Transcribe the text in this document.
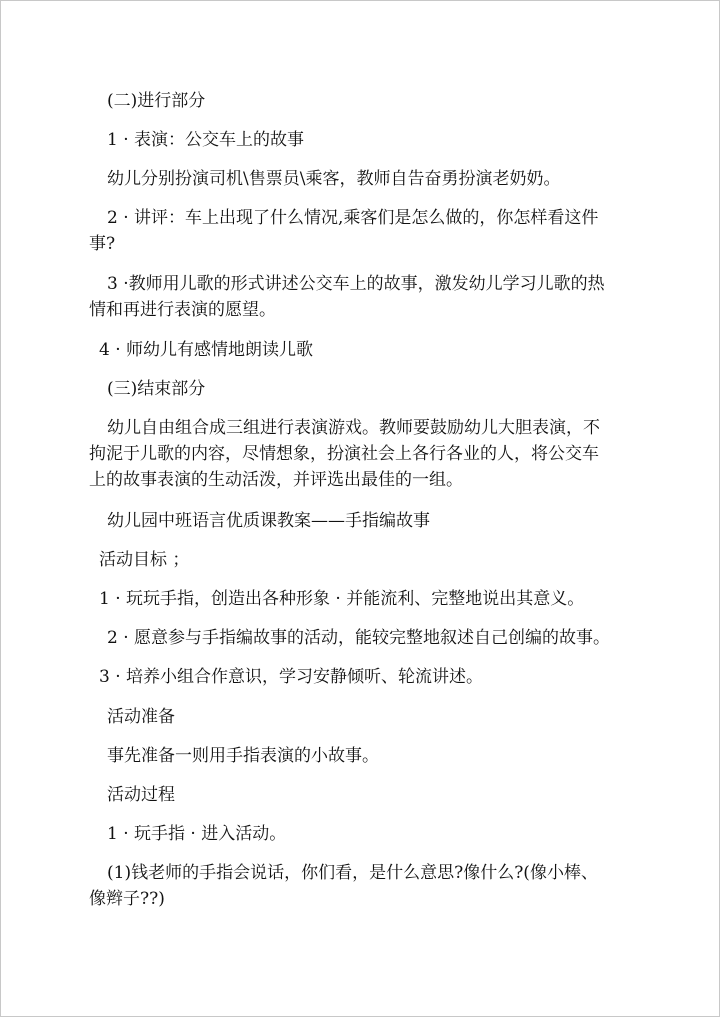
(二)进行部分
1 · 表演：公交车上的故事
幼儿分别扮演司机\售票员\乘客，教师自告奋勇扮演老奶奶。
2 · 讲评：车上出现了什么情况,乘客们是怎么做的，你怎样看这件
事?
3 ·教师用儿歌的形式讲述公交车上的故事，激发幼儿学习儿歌的热
情和再进行表演的愿望。
4 · 师幼儿有感情地朗读儿歌
(三)结束部分
幼儿自由组合成三组进行表演游戏。教师要鼓励幼儿大胆表演，不
拘泥于儿歌的内容，尽情想象，扮演社会上各行各业的人，将公交车
上的故事表演的生动活泼，并评选出最佳的一组。
幼儿园中班语言优质课教案——手指编故事
活动目标 ；
1 · 玩玩手指，创造出各种形象 · 并能流利、完整地说出其意义。
2 · 愿意参与手指编故事的活动，能较完整地叙述自己创编的故事。
3 · 培养小组合作意识，学习安静倾听、轮流讲述。
活动准备
事先准备一则用手指表演的小故事。
活动过程
1 · 玩手指 · 进入活动。
(1)钱老师的手指会说话，你们看，是什么意思?像什么?(像小棒、
像辫子??)
